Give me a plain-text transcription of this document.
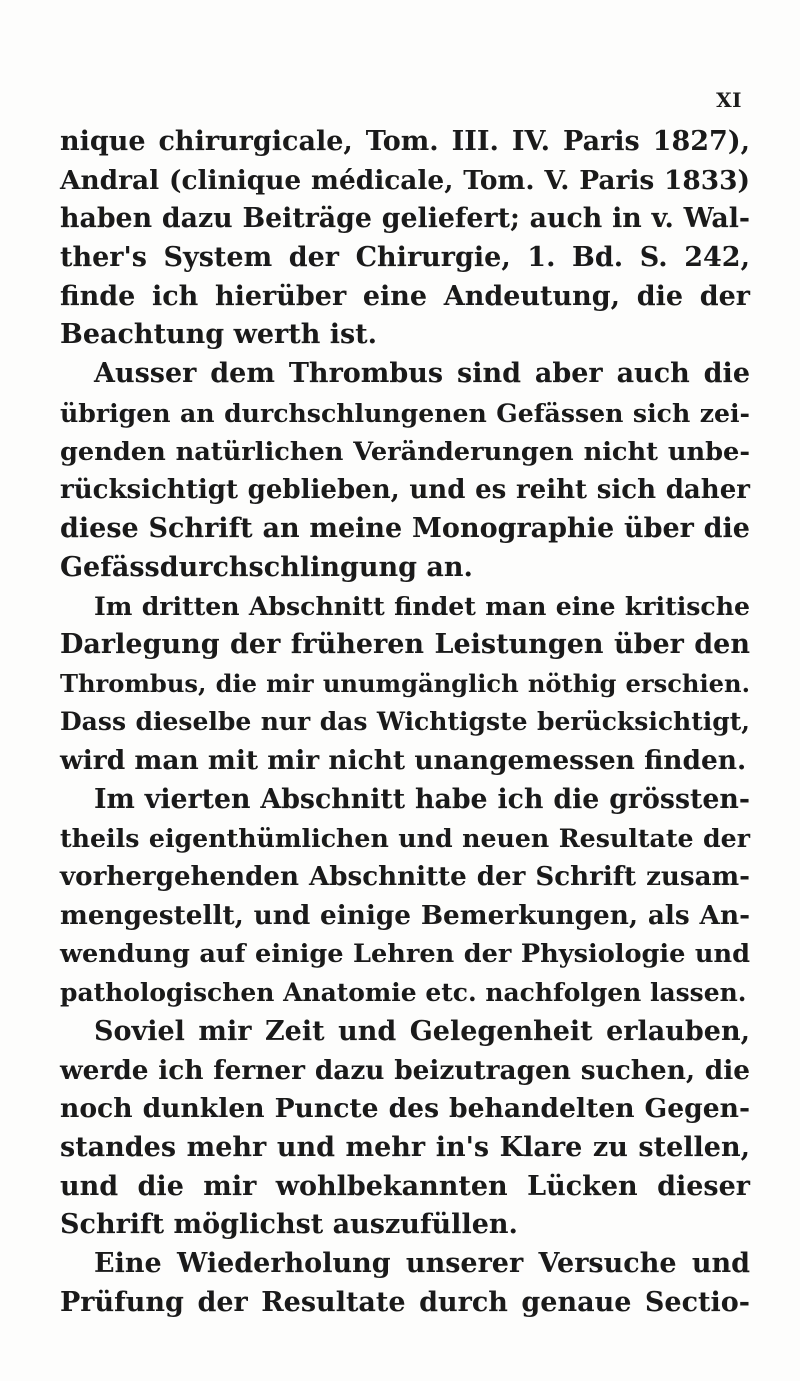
XI
nique chirurgicale, Tom. III. IV. Paris 1827),
Andral (clinique médicale, Tom. V. Paris 1833)
haben dazu Beiträge geliefert; auch in v. Wal-
ther's System der Chirurgie, 1. Bd. S. 242,
finde ich hierüber eine Andeutung, die der
Beachtung werth ist.
Ausser dem Thrombus sind aber auch die
übrigen an durchschlungenen Gefässen sich zei-
genden natürlichen Veränderungen nicht unbe-
rücksichtigt geblieben, und es reiht sich daher
diese Schrift an meine Monographie über die
Gefässdurchschlingung an.
Im dritten Abschnitt findet man eine kritische
Darlegung der früheren Leistungen über den
Thrombus, die mir unumgänglich nöthig erschien.
Dass dieselbe nur das Wichtigste berücksichtigt,
wird man mit mir nicht unangemessen finden.
Im vierten Abschnitt habe ich die grössten-
theils eigenthümlichen und neuen Resultate der
vorhergehenden Abschnitte der Schrift zusam-
mengestellt, und einige Bemerkungen, als An-
wendung auf einige Lehren der Physiologie und
pathologischen Anatomie etc. nachfolgen lassen.
Soviel mir Zeit und Gelegenheit erlauben,
werde ich ferner dazu beizutragen suchen, die
noch dunklen Puncte des behandelten Gegen-
standes mehr und mehr in's Klare zu stellen,
und die mir wohlbekannten Lücken dieser
Schrift möglichst auszufüllen.
Eine Wiederholung unserer Versuche und
Prüfung der Resultate durch genaue Sectio-
